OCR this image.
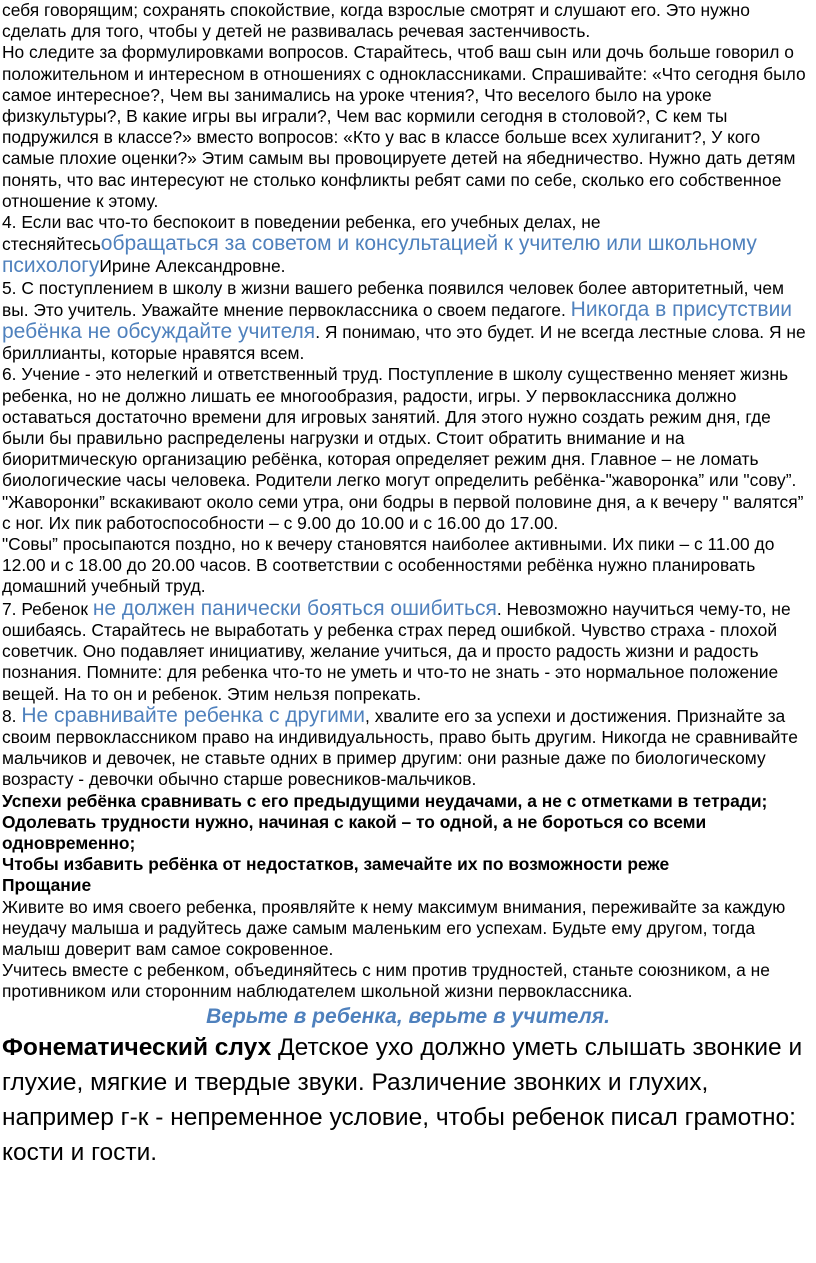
себя говорящим; сохранять спокойствие, когда взрослые смотрят и слушают его. Это нужно сделать для того, чтобы у детей не развивалась речевая застенчивость.

Но следите за формулировками вопросов. Старайтесь, чтоб ваш сын или дочь больше говорил о положительном и интересном в отношениях с одноклассниками. Спрашивайте: «Что сегодня было самое интересное?, Чем вы занимались на уроке чтения?, Что веселого было на уроке физкультуры?, В какие игры вы играли?, Чем вас кормили сегодня в столовой?, С кем ты подружился в классе?» вместо вопросов: «Кто у вас в классе больше всех хулиганит?, У кого самые плохие оценки?» Этим самым вы провоцируете детей на ябедничество. Нужно дать детям понять, что вас интересуют не столько конфликты ребят сами по себе, сколько его собственное отношение к этому.

4. Если вас что-то беспокоит в поведении ребенка, его учебных делах, не стесняйтесьобращаться за советом и консультацией к учителю или школьному психологуИрине Александровне.

5. С поступлением в школу в жизни вашего ребенка появился человек более авторитетный, чем вы. Это учитель. Уважайте мнение первоклассника о своем педагоге. Никогда в присутствии ребёнка не обсуждайте учителя. Я понимаю, что это будет. И не всегда лестные слова. Я не бриллианты, которые нравятся всем.

6. Учение - это нелегкий и ответственный труд. Поступление в школу существенно меняет жизнь ребенка, но не должно лишать ее многообразия, радости, игры. У первоклассника должно оставаться достаточно времени для игровых занятий. Для этого нужно создать режим дня, где были бы правильно распределены нагрузки и отдых. Стоит обратить внимание и на биоритмическую организацию ребёнка, которая определяет режим дня. Главное – не ломать биологические часы человека. Родители легко могут определить ребёнка-"жаворонка” или "сову”. "Жаворонки” вскакивают около семи утра, они бодры в первой половине дня, а к вечеру " валятся” с ног. Их пик работоспособности – с 9.00 до 10.00 и с 16.00 до 17.00.

"Совы” просыпаются поздно, но к вечеру становятся наиболее активными. Их пики – с 11.00 до 12.00 и с 18.00 до 20.00 часов. В соответствии с особенностями ребёнка нужно планировать домашний учебный труд.

7. Ребенок не должен панически бояться ошибиться. Невозможно научиться чему-то, не ошибаясь. Старайтесь не выработать у ребенка страх перед ошибкой. Чувство страха - плохой советчик. Оно подавляет инициативу, желание учиться, да и просто радость жизни и радость познания. Помните: для ребенка что-то не уметь и что-то не знать - это нормальное положение вещей. На то он и ребенок. Этим нельзя попрекать.

8. Не сравнивайте ребенка с другими, хвалите его за успехи и достижения. Признайте за своим первоклассником право на индивидуальность, право быть другим. Никогда не сравнивайте мальчиков и девочек, не ставьте одних в пример другим: они разные даже по биологическому возрасту - девочки обычно старше ровесников-мальчиков.

Успехи ребёнка сравнивать с его предыдущими неудачами, а не с отметками в тетради;

Одолевать трудности нужно, начиная с какой – то одной, а не бороться со всеми одновременно;

Чтобы избавить ребёнка от недостатков, замечайте их по возможности реже

Прощание

Живите во имя своего ребенка, проявляйте к нему максимум внимания, переживайте за каждую неудачу малыша и радуйтесь даже самым маленьким его успехам. Будьте ему другом, тогда малыш доверит вам самое сокровенное.

Учитесь вместе с ребенком, объединяйтесь с ним против трудностей, станьте союзником, а не противником или сторонним наблюдателем школьной жизни первоклассника.

Верьте в ребенка, верьте в учителя.

Фонематический слух Детское ухо должно уметь слышать звонкие и глухие, мягкие и твердые звуки. Различение звонких и глухих, например г-к - непременное условие, чтобы ребенок писал грамотно: кости и гости.
